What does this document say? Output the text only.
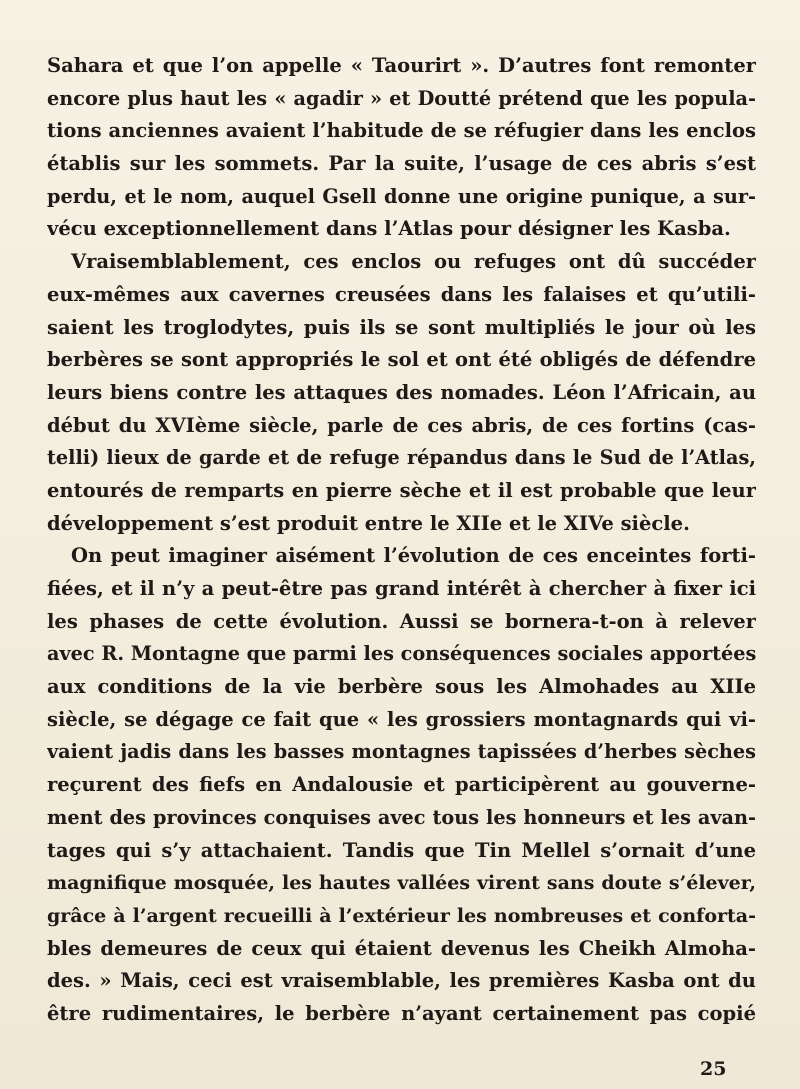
Sahara et que l’on appelle « Taourirt ». D’autres font remonter
encore plus haut les « agadir » et Doutté prétend que les popula-
tions anciennes avaient l’habitude de se réfugier dans les enclos
établis sur les sommets. Par la suite, l’usage de ces abris s’est
perdu, et le nom, auquel Gsell donne une origine punique, a sur-
vécu exceptionnellement dans l’Atlas pour désigner les Kasba.
Vraisemblablement, ces enclos ou refuges ont dû succéder
eux-mêmes aux cavernes creusées dans les falaises et qu’utili-
saient les troglodytes, puis ils se sont multipliés le jour où les
berbères se sont appropriés le sol et ont été obligés de défendre
leurs biens contre les attaques des nomades. Léon l’Africain, au
début du XVIème siècle, parle de ces abris, de ces fortins (cas-
telli) lieux de garde et de refuge répandus dans le Sud de l’Atlas,
entourés de remparts en pierre sèche et il est probable que leur
développement s’est produit entre le XIIe et le XIVe siècle.
On peut imaginer aisément l’évolution de ces enceintes forti-
fiées, et il n’y a peut-être pas grand intérêt à chercher à fixer ici
les phases de cette évolution. Aussi se bornera-t-on à relever
avec R. Montagne que parmi les conséquences sociales apportées
aux conditions de la vie berbère sous les Almohades au XIIe
siècle, se dégage ce fait que « les grossiers montagnards qui vi-
vaient jadis dans les basses montagnes tapissées d’herbes sèches
reçurent des fiefs en Andalousie et participèrent au gouverne-
ment des provinces conquises avec tous les honneurs et les avan-
tages qui s’y attachaient. Tandis que Tin Mellel s’ornait d’une
magnifique mosquée, les hautes vallées virent sans doute s’élever,
grâce à l’argent recueilli à l’extérieur les nombreuses et conforta-
bles demeures de ceux qui étaient devenus les Cheikh Almoha-
des. » Mais, ceci est vraisemblable, les premières Kasba ont du
être rudimentaires, le berbère n’ayant certainement pas copié
25
